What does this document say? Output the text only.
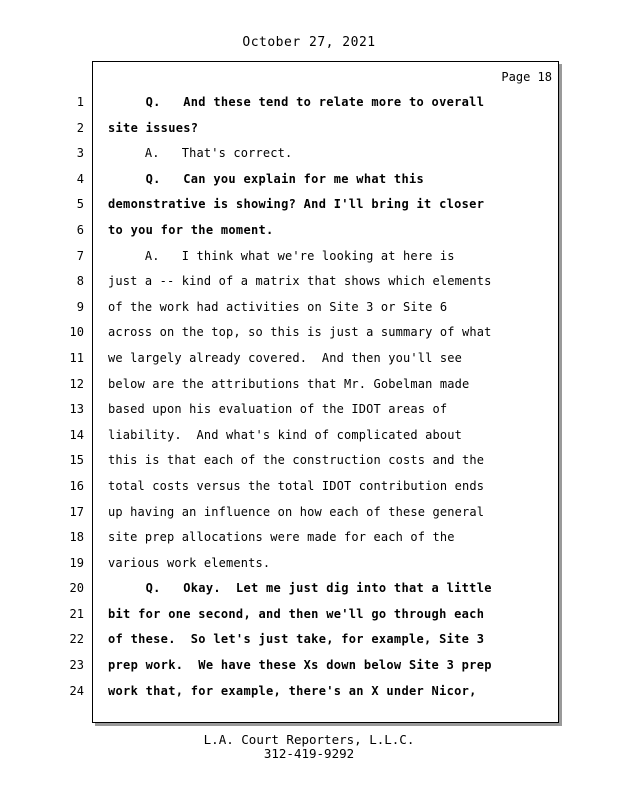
October 27, 2021
Page 18
1 Q.   And these tend to relate more to overall
2 site issues?
3 A.   That's correct.
4 Q.   Can you explain for me what this
5 demonstrative is showing? And I'll bring it closer
6 to you for the moment.
7 A.   I think what we're looking at here is
8 just a -- kind of a matrix that shows which elements
9 of the work had activities on Site 3 or Site 6
10 across on the top, so this is just a summary of what
11 we largely already covered.  And then you'll see
12 below are the attributions that Mr. Gobelman made
13 based upon his evaluation of the IDOT areas of
14 liability.  And what's kind of complicated about
15 this is that each of the construction costs and the
16 total costs versus the total IDOT contribution ends
17 up having an influence on how each of these general
18 site prep allocations were made for each of the
19 various work elements.
20 Q.   Okay.  Let me just dig into that a little
21 bit for one second, and then we'll go through each
22 of these.  So let's just take, for example, Site 3
23 prep work.  We have these Xs down below Site 3 prep
24 work that, for example, there's an X under Nicor,
L.A. Court Reporters, L.L.C.
312-419-9292
